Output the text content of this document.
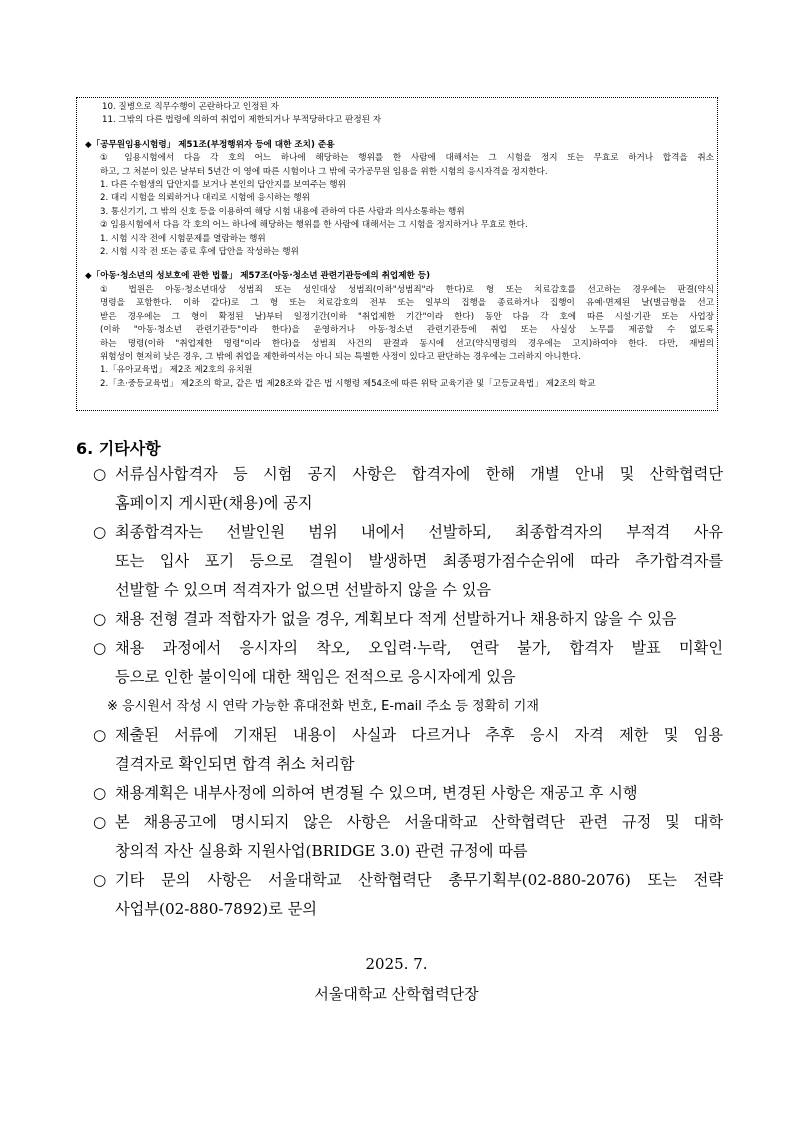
10. 질병으로 직무수행이 곤란하다고 인정된 자
11. 그밖의 다른 법령에 의하여 취업이 제한되거나 부적당하다고 판정된 자
◆「공무원임용시험령」 제51조(부정행위자 등에 대한 조치) 준용
① 임용시험에서 다음 각 호의 어느 하나에 해당하는 행위를 한 사람에 대해서는 그 시험을 정지 또는 무효로 하거나 합격을 취소
하고, 그 처분이 있은 날부터 5년간 이 영에 따른 시험이나 그 밖에 국가공무원 임용을 위한 시험의 응시자격을 정지한다.
1. 다른 수험생의 답안지를 보거나 본인의 답안지를 보여주는 행위
2. 대리 시험을 의뢰하거나 대리로 시험에 응시하는 행위
3. 통신기기, 그 밖의 신호 등을 이용하여 해당 시험 내용에 관하여 다른 사람과 의사소통하는 행위
② 임용시험에서 다음 각 호의 어느 하나에 해당하는 행위를 한 사람에 대해서는 그 시험을 정지하거나 무효로 한다.
1. 시험 시작 전에 시험문제를 열람하는 행위
2. 시험 시작 전 또는 종료 후에 답안을 작성하는 행위
◆「아동·청소년의 성보호에 관한 법률」 제57조(아동·청소년 관련기관등에의 취업제한 등)
① 법원은 아동·청소년대상 성범죄 또는 성인대상 성범죄(이하"성범죄"라 한다)로 형 또는 치료감호를 선고하는 경우에는 판결(약식
명령을 포함한다. 이하 같다)로 그 형 또는 치료감호의 전부 또는 일부의 집행을 종료하거나 집행이 유예·면제된 날(벌금형을 선고
받은 경우에는 그 형이 확정된 날)부터 일정기간(이하 "취업제한 기간"이라 한다) 동안 다음 각 호에 따른 시설·기관 또는 사업장
(이하 "아동·청소년 관련기관등"이라 한다)을 운영하거나 아동·청소년 관련기관등에 취업 또는 사실상 노무를 제공할 수 없도록
하는 명령(이하 "취업제한 명령"이라 한다)을 성범죄 사건의 판결과 동시에 선고(약식명령의 경우에는 고지)하여야 한다. 다만, 재범의
위험성이 현저히 낮은 경우, 그 밖에 취업을 제한하여서는 아니 되는 특별한 사정이 있다고 판단하는 경우에는 그러하지 아니한다.
1.「유아교육법」 제2조 제2호의 유치원
2.「초·중등교육법」 제2조의 학교, 같은 법 제28조와 같은 법 시행령 제54조에 따른 위탁 교육기관 및「고등교육법」 제2조의 학교
6. 기타사항
○ 서류심사합격자 등 시험 공지 사항은 합격자에 한해 개별 안내 및 산학협력단
홈페이지 게시판(채용)에 공지
○ 최종합격자는 선발인원 범위 내에서 선발하되, 최종합격자의 부적격 사유
또는 입사 포기 등으로 결원이 발생하면 최종평가점수순위에 따라 추가합격자를
선발할 수 있으며 적격자가 없으면 선발하지 않을 수 있음
○ 채용 전형 결과 적합자가 없을 경우, 계획보다 적게 선발하거나 채용하지 않을 수 있음
○ 채용 과정에서 응시자의 착오, 오입력·누락, 연락 불가, 합격자 발표 미확인
등으로 인한 불이익에 대한 책임은 전적으로 응시자에게 있음
※ 응시원서 작성 시 연락 가능한 휴대전화 번호, E-mail 주소 등 정확히 기재
○ 제출된 서류에 기재된 내용이 사실과 다르거나 추후 응시 자격 제한 및 임용
결격자로 확인되면 합격 취소 처리함
○ 채용계획은 내부사정에 의하여 변경될 수 있으며, 변경된 사항은 재공고 후 시행
○ 본 채용공고에 명시되지 않은 사항은 서울대학교 산학협력단 관련 규정 및 대학
창의적 자산 실용화 지원사업(BRIDGE 3.0) 관련 규정에 따름
○ 기타 문의 사항은 서울대학교 산학협력단 총무기획부(02-880-2076) 또는 전략
사업부(02-880-7892)로 문의
2025. 7.
서울대학교 산학협력단장
